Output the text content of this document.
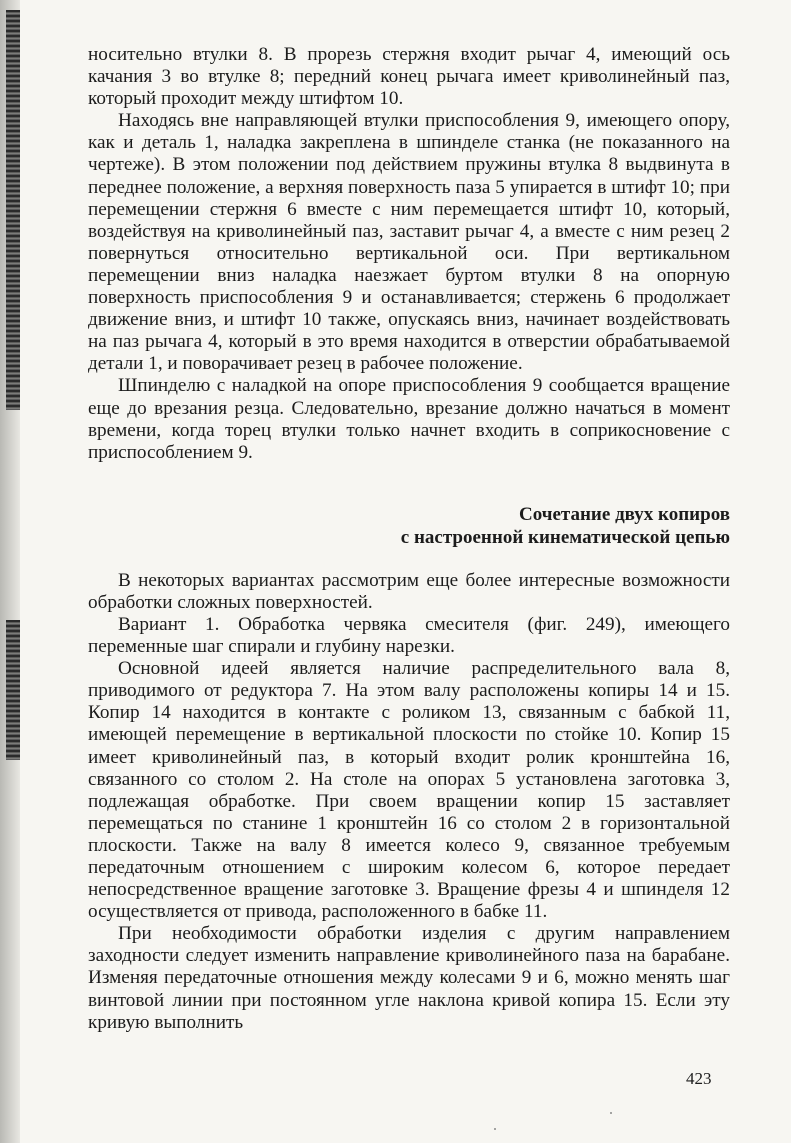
носительно втулки 8. В прорезь стержня входит рычаг 4, имеющий ось качания 3 во втулке 8; передний конец рычага имеет криволинейный паз, который проходит между штифтом 10.

Находясь вне направляющей втулки приспособления 9, имеющего опору, как и деталь 1, наладка закреплена в шпинделе станка (не показанного на чертеже). В этом положении под действием пружины втулка 8 выдвинута в переднее положение, а верхняя поверхность паза 5 упирается в штифт 10; при перемещении стержня 6 вместе с ним перемещается штифт 10, который, воздействуя на криволинейный паз, заставит рычаг 4, а вместе с ним резец 2 повернуться относительно вертикальной оси. При вертикальном перемещении вниз наладка наезжает буртом втулки 8 на опорную поверхность приспособления 9 и останавливается; стержень 6 продолжает движение вниз, и штифт 10 также, опускаясь вниз, начинает воздействовать на паз рычага 4, который в это время находится в отверстии обрабатываемой детали 1, и поворачивает резец в рабочее положение.

Шпинделю с наладкой на опоре приспособления 9 сообщается вращение еще до врезания резца. Следовательно, врезание должно начаться в момент времени, когда торец втулки только начнет входить в соприкосновение с приспособлением 9.

Сочетание двух копиров
с настроенной кинематической цепью

В некоторых вариантах рассмотрим еще более интересные возможности обработки сложных поверхностей.

Вариант 1. Обработка червяка смесителя (фиг. 249), имеющего переменные шаг спирали и глубину нарезки.

Основной идеей является наличие распределительного вала 8, приводимого от редуктора 7. На этом валу расположены копиры 14 и 15. Копир 14 находится в контакте с роликом 13, связанным с бабкой 11, имеющей перемещение в вертикальной плоскости по стойке 10. Копир 15 имеет криволинейный паз, в который входит ролик кронштейна 16, связанного со столом 2. На столе на опорах 5 установлена заготовка 3, подлежащая обработке. При своем вращении копир 15 заставляет перемещаться по станине 1 кронштейн 16 со столом 2 в горизонтальной плоскости. Также на валу 8 имеется колесо 9, связанное требуемым передаточным отношением с широким колесом 6, которое передает непосредственное вращение заготовке 3. Вращение фрезы 4 и шпинделя 12 осуществляется от привода, расположенного в бабке 11.

При необходимости обработки изделия с другим направлением заходности следует изменить направление криволинейного паза на барабане. Изменяя передаточные отношения между колесами 9 и 6, можно менять шаг винтовой линии при постоянном угле наклона кривой копира 15. Если эту кривую выполнить

423
